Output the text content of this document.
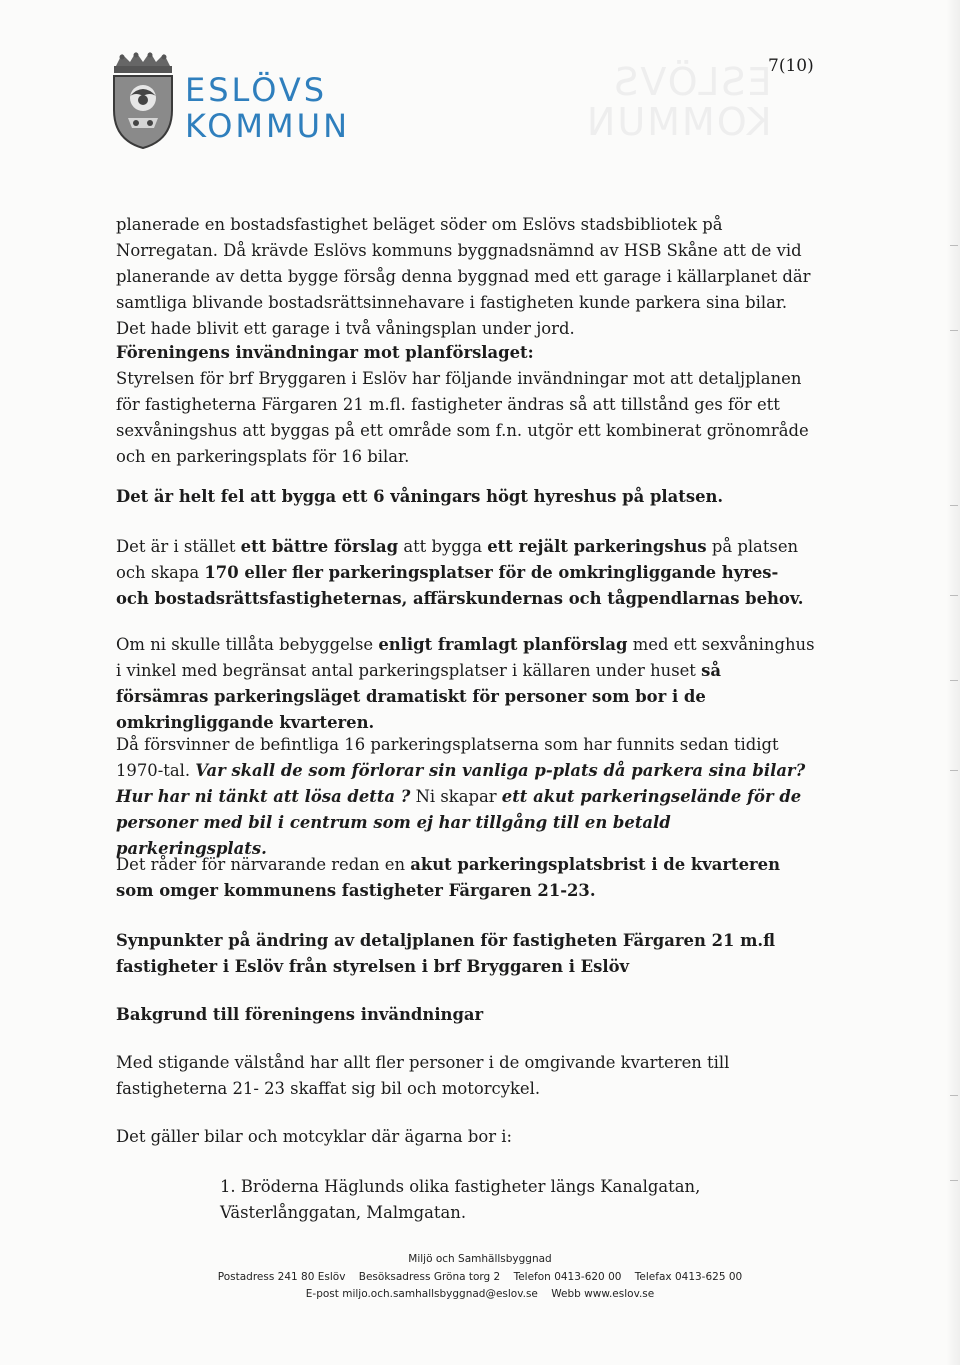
ESLÖVS
KOMMUN
ESLÖVS
KOMMUN
7(10)

planerade en bostadsfastighet beläget söder om Eslövs stadsbibliotek på Norregatan. Då krävde Eslövs kommuns byggnadsnämnd av HSB Skåne att de vid planerande av detta bygge försåg denna byggnad med ett garage i källarplanet där samtliga blivande bostadsrättsinnehavare i fastigheten kunde parkera sina bilar. Det hade blivit ett garage i två våningsplan under jord.

Föreningens invändningar mot planförslaget:
Styrelsen för brf Bryggaren i Eslöv har följande invändningar mot att detaljplanen för fastigheterna Färgaren 21 m.fl. fastigheter ändras så att tillstånd ges för ett sexvåningshus att byggas på ett område som f.n. utgör ett kombinerat grönområde och en parkeringsplats för 16 bilar.

Det är helt fel att bygga ett 6 våningars högt hyreshus på platsen.

Det är i stället ett bättre förslag att bygga ett rejält parkeringshus på platsen och skapa 170 eller fler parkeringsplatser för de omkringliggande hyres- och bostadsrättsfastigheternas, affärskundernas och tågpendlarnas behov.

Om ni skulle tillåta bebyggelse enligt framlagt planförslag med ett sexvåninghus i vinkel med begränsat antal parkeringsplatser i källaren under huset så försämras parkeringsläget dramatiskt för personer som bor i de omkringliggande kvarteren.

Då försvinner de befintliga 16 parkeringsplatserna som har funnits sedan tidigt 1970-tal. Var skall de som förlorar sin vanliga p-plats då parkera sina bilar? Hur har ni tänkt att lösa detta ? Ni skapar ett akut parkeringselände för de personer med bil i centrum som ej har tillgång till en betald parkeringsplats.

Det råder för närvarande redan en akut parkeringsplatsbrist i de kvarteren som omger kommunens fastigheter Färgaren 21-23.

Synpunkter på ändring av detaljplanen för fastigheten Färgaren 21 m.fl fastigheter i Eslöv från styrelsen i brf Bryggaren i Eslöv

Bakgrund till föreningens invändningar

Med stigande välstånd har allt fler personer i de omgivande kvarteren till fastigheterna 21- 23 skaffat sig bil och motorcykel.

Det gäller bilar och motcyklar där ägarna bor i:

1. Bröderna Häglunds olika fastigheter längs Kanalgatan, Västerlånggatan, Malmgatan.

Miljö och Samhällsbyggnad
Postadress 241 80 Eslöv Besöksadress Gröna torg 2 Telefon 0413-620 00 Telefax 0413-625 00
E-post miljo.och.samhallsbyggnad@eslov.se Webb www.eslov.se
